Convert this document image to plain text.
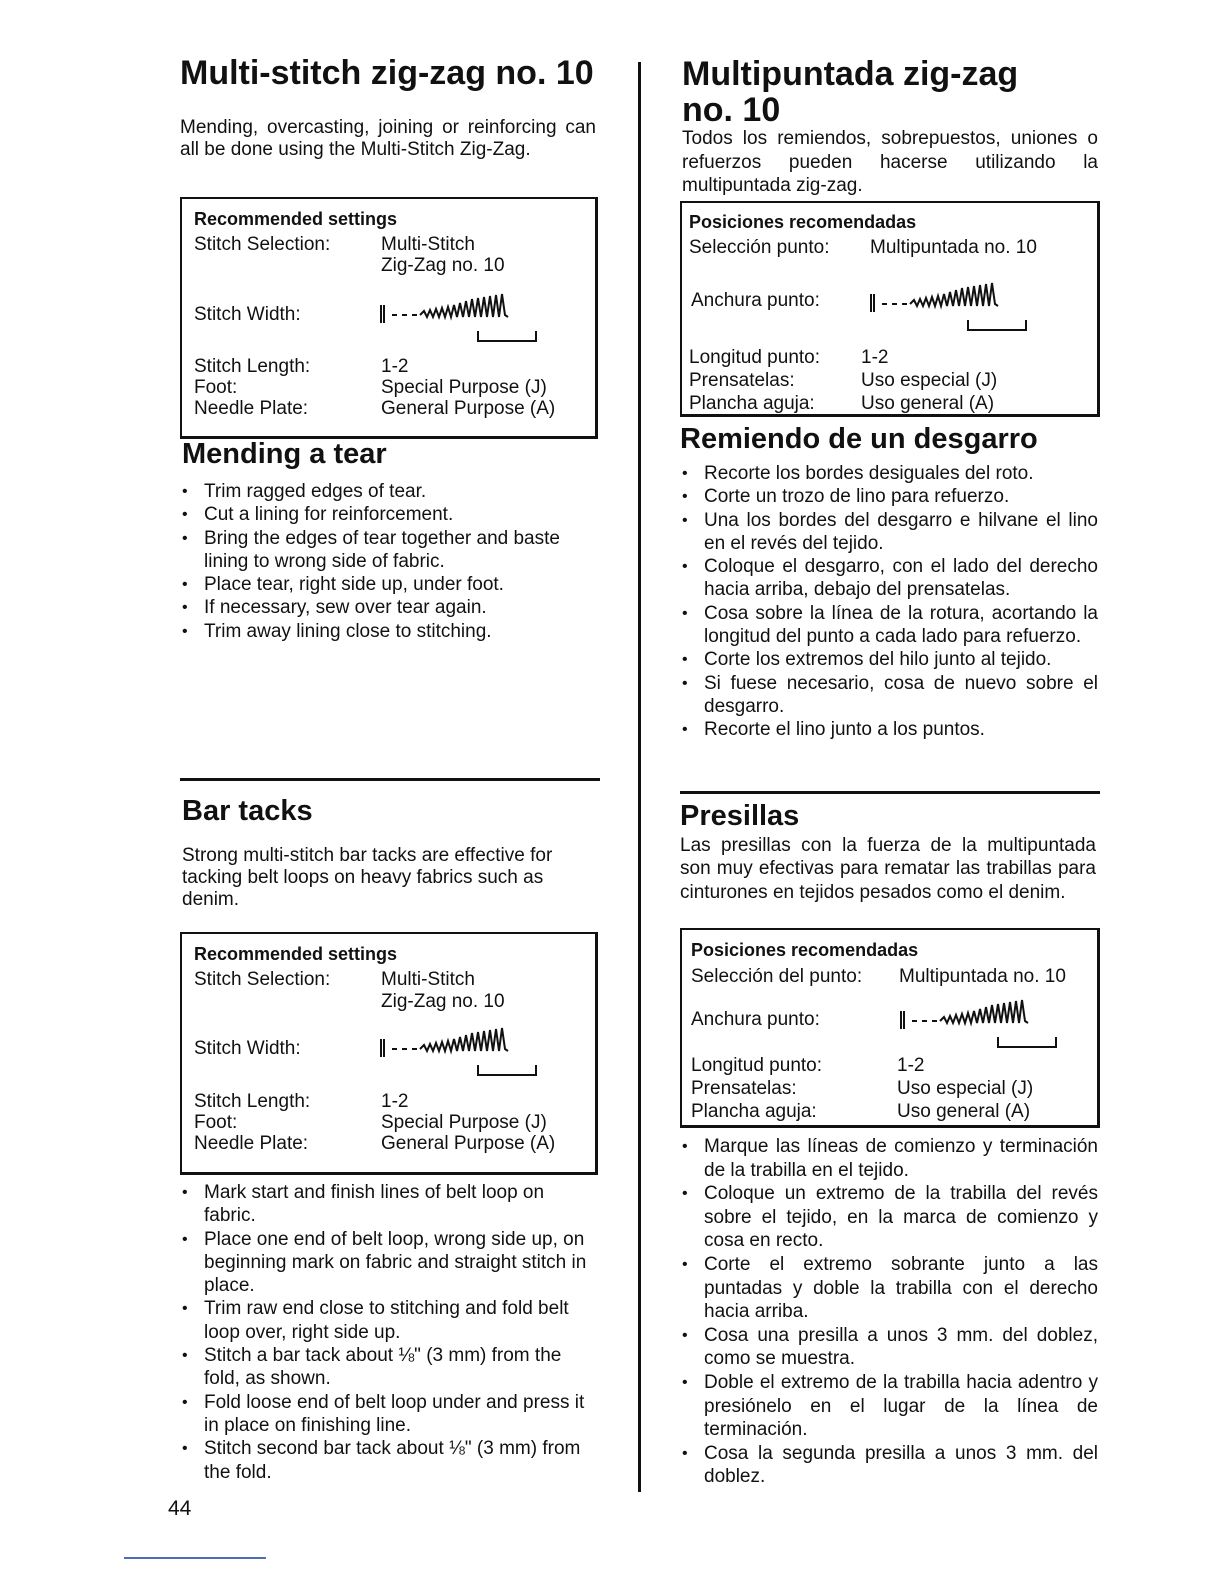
Multi-stitch zig-zag no. 10

Mending, overcasting, joining or reinforcing can all be done using the Multi-Stitch Zig-Zag.

Recommended settings
Stitch Selection:	Multi-Stitch
Zig-Zag no. 10
Stitch Width:
Stitch Length:	1-2
Foot:	Special Purpose (J)
Needle Plate:	General Purpose (A)
Mending a tear
• Trim ragged edges of tear.
• Cut a lining for reinforcement.
• Bring the edges of tear together and baste lining to wrong side of fabric.
• Place tear, right side up, under foot.
• If necessary, sew over tear again.
• Trim away lining close to stitching.
Bar tacks

Strong multi-stitch bar tacks are effective for tacking belt loops on heavy fabrics such as denim.

Recommended settings
Stitch Selection:	Multi-Stitch
Zig-Zag no. 10
Stitch Width:
Stitch Length:	1-2
Foot:	Special Purpose (J)
Needle Plate:	General Purpose (A)
• Mark start and finish lines of belt loop on fabric.
• Place one end of belt loop, wrong side up, on beginning mark on fabric and straight stitch in place.
• Trim raw end close to stitching and fold belt loop over, right side up.
• Stitch a bar tack about ⅛" (3 mm) from the fold, as shown.
• Fold loose end of belt loop under and press it in place on finishing line.
• Stitch second bar tack about ⅛" (3 mm) from the fold.
Multipuntada zig-zag
no. 10

Todos los remiendos, sobrepuestos, uniones o refuerzos pueden hacerse utilizando la multipuntada zig-zag.

Posiciones recomendadas
Selección punto: Multipuntada no. 10
Anchura punto:
Longitud punto: 1-2
Prensatelas:	Uso especial (J)
Plancha aguja: Uso general (A)
Remiendo de un desgarro
• Recorte los bordes desiguales del roto.
• Corte un trozo de lino para refuerzo.
• Una los bordes del desgarro e hilvane el lino en el revés del tejido.
• Coloque el desgarro, con el lado del derecho hacia arriba, debajo del prensatelas.
• Cosa sobre la línea de la rotura, acortando la longitud del punto a cada lado para refuerzo.
• Corte los extremos del hilo junto al tejido.
• Si fuese necesario, cosa de nuevo sobre el desgarro.
• Recorte el lino junto a los puntos.
Presillas

Las presillas con la fuerza de la multipuntada son muy efectivas para rematar las trabillas para cinturones en tejidos pesados como el denim.

Posiciones recomendadas
Selección del punto: Multipuntada no. 10
Anchura punto:
Longitud punto:	1-2
Prensatelas:	Uso especial (J)
Plancha aguja:	Uso general (A)
• Marque las líneas de comienzo y terminación de la trabilla en el tejido.
• Coloque un extremo de la trabilla del revés sobre el tejido, en la marca de comienzo y cosa en recto.
• Corte el extremo sobrante junto a las puntadas y doble la trabilla con el derecho hacia arriba.
• Cosa una presilla a unos 3 mm. del doblez, como se muestra.
• Doble el extremo de la trabilla hacia adentro y presiónelo en el lugar de la línea de terminación.
• Cosa la segunda presilla a unos 3 mm. del doblez.
44
